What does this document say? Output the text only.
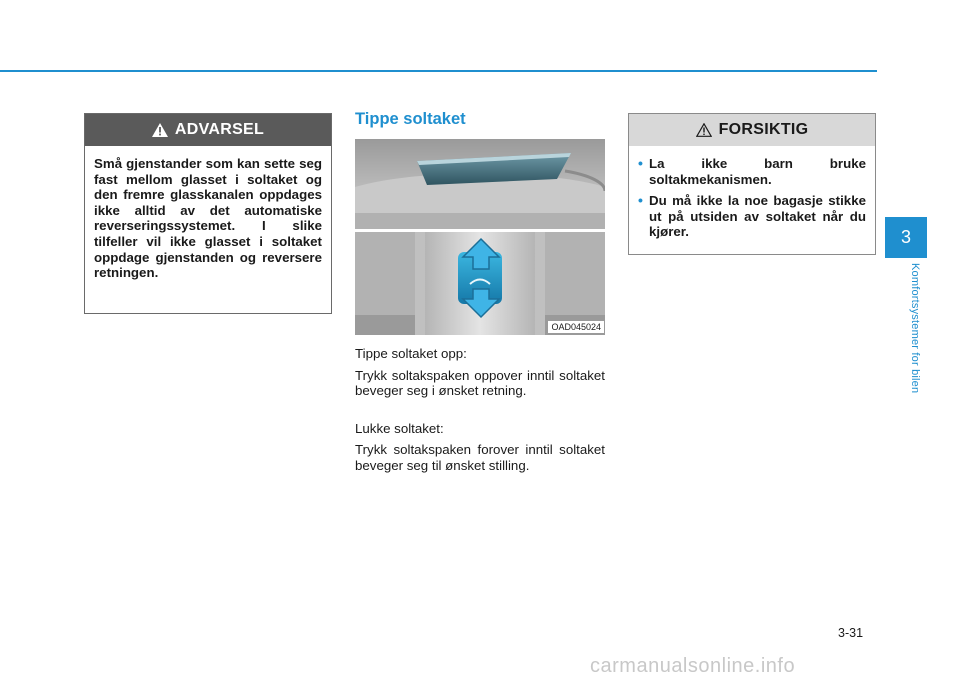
ADVARSEL
Små gjenstander som kan sette seg fast mellom glasset i soltaket og den fremre glasskanalen oppdages ikke alltid av det automatiske reverseringssystemet. I slike tilfeller vil ikke glasset i soltaket oppdage gjenstanden og reversere retningen.
Tippe soltaket
OAD045024

Tippe soltaket opp:

Trykk soltakspaken oppover inntil soltaket beveger seg i ønsket retning.

Lukke soltaket:

Trykk soltakspaken forover inntil soltaket beveger seg til ønsket stilling.

FORSIKTIG
• La ikke barn bruke soltakmekanismen.
• Du må ikke la noe bagasje stikke ut på utsiden av soltaket når du kjører.	3
Komfortsystemer for bilen
3-31
carmanualsonline.info
